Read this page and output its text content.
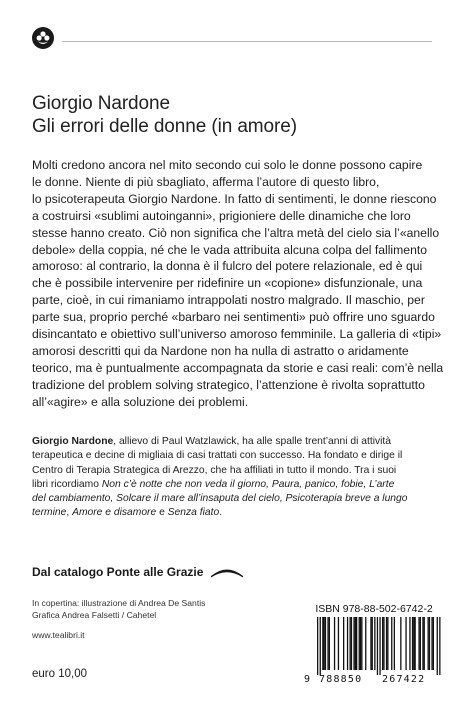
Giorgio Nardone
Gli errori delle donne (in amore)
Molti credono ancora nel mito secondo cui solo le donne possono capire
le donne. Niente di più sbagliato, afferma l’autore di questo libro,
lo psicoterapeuta Giorgio Nardone. In fatto di sentimenti, le donne riescono
a costruirsi «sublimi autoinganni», prigioniere delle dinamiche che loro
stesse hanno creato. Ciò non significa che l’altra metà del cielo sia l’«anello
debole» della coppia, né che le vada attribuita alcuna colpa del fallimento
amoroso: al contrario, la donna è il fulcro del potere relazionale, ed è qui
che è possibile intervenire per ridefinire un «copione» disfunzionale, una
parte, cioè, in cui rimaniamo intrappolati nostro malgrado. Il maschio, per
parte sua, proprio perché «barbaro nei sentimenti» può offrire uno sguardo
disincantato e obiettivo sull’universo amoroso femminile. La galleria di «tipi»
amorosi descritti qui da Nardone non ha nulla di astratto o aridamente
teorico, ma è puntualmente accompagnata da storie e casi reali: com’è nella
tradizione del problem solving strategico, l’attenzione è rivolta soprattutto
all’«agire» e alla soluzione dei problemi.
Giorgio Nardone, allievo di Paul Watzlawick, ha alle spalle trent’anni di attività
terapeutica e decine di migliaia di casi trattati con successo. Ha fondato e dirige il
Centro di Terapia Strategica di Arezzo, che ha affiliati in tutto il mondo. Tra i suoi
libri ricordiamo Non c’è notte che non veda il giorno, Paura, panico, fobie, L’arte
del cambiamento, Solcare il mare all’insaputa del cielo, Psicoterapia breve a lungo
termine, Amore e disamore e Senza fiato.
Dal catalogo Ponte alle Grazie
In copertina: illustrazione di Andrea De Santis
Grafica Andrea Falsetti / Cahetel
www.tealibri.it
euro 10,00
ISBN 978-88-502-6742-2
9 788850 267422
